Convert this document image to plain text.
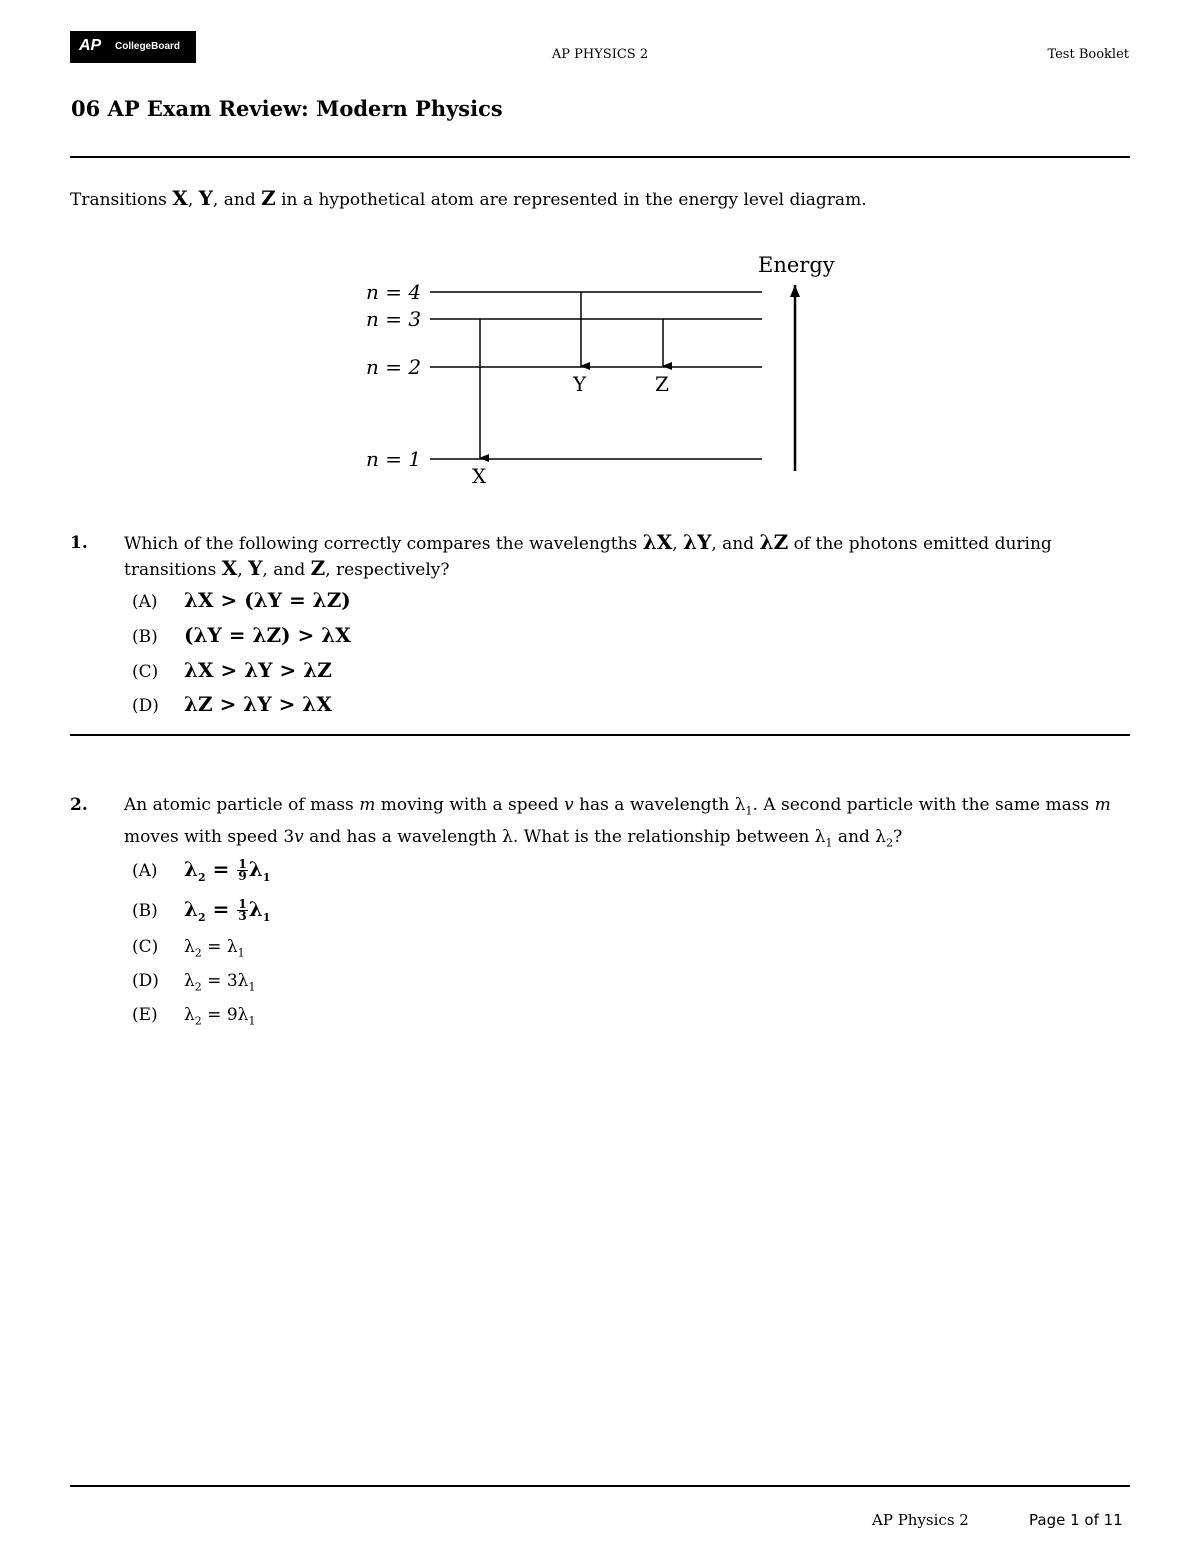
AP CollegeBoard
AP PHYSICS 2	Test Booklet
06 AP Exam Review: Modern Physics
Transitions X, Y, and Z in a hypothetical atom are represented in the energy level diagram.
n = 4
n = 3
n = 2
n = 1
X
Y	Z
Energy
1. Which of the following correctly compares the wavelengths λX, λY, and λZ of the photons emitted during
transitions X, Y, and Z, respectively?
(A) λX > (λY = λZ)
(B) (λY = λZ) > λX
(C) λX > λY > λZ
(D) λZ > λY > λX
2. An atomic particle of mass m moving with a speed v has a wavelength $\lambda_1$. A second particle with the same mass m
moves with speed 3v and has a wavelength λ. What is the relationship between $\lambda_1$ and $\lambda_2$?
(A) $\lambda_2 = \frac{1}{9} \lambda_1$
(B) $\lambda_2 = \frac{1}{3} \lambda_1$
(C) $\lambda_2 = \lambda_1$
(D) $\lambda_2 = 3\lambda_1$
(E) $\lambda_2 = 9\lambda_1$
AP Physics 2	Page 1 of 11
